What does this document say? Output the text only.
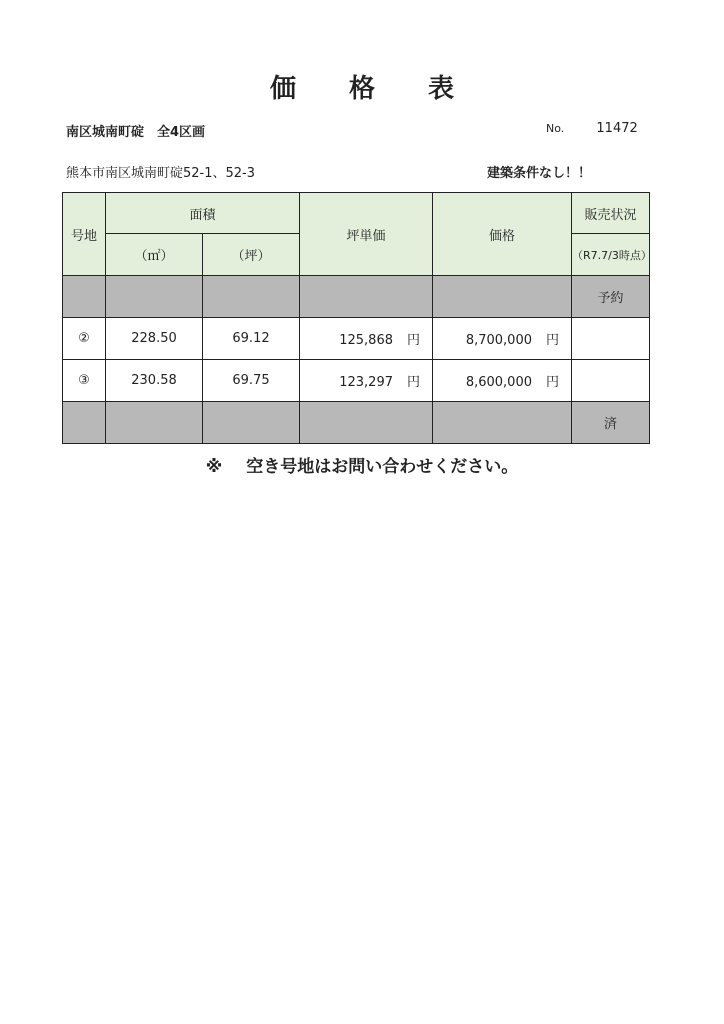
価 格 表
南区城南町碇　全4区画	No. 11472
熊本市南区城南町碇52-1、52-3	建築条件なし！！
号地	面積		坪単価	価格	販売状況
	（㎡）	（坪）			（R7.7/3時点）
					予約
②	228.50	69.12	125,868 円	8,700,000 円	
③	230.58	69.75	123,297 円	8,600,000 円	
					済
※ 空き号地はお問い合わせください。
